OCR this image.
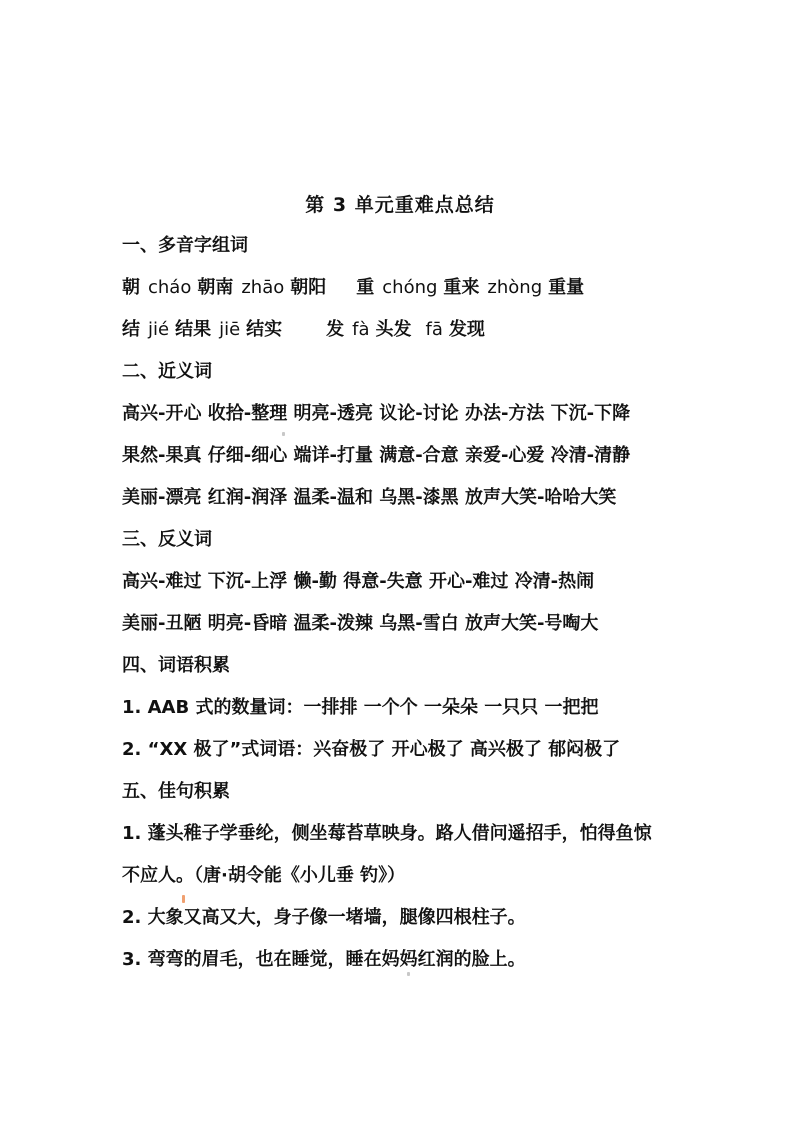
第 3 单元重难点总结
一、多音字组词
朝 cháo 朝南 zhāo 朝阳 重 chóng 重来 zhòng 重量
结 jié 结果 jiē 结实 发 fà 头发 fā 发现
二、近义词
高兴-开心 收拾-整理 明亮-透亮 议论-讨论 办法-方法 下沉-下降
果然-果真 仔细-细心 端详-打量 满意-合意 亲爱-心爱 冷清-清静
美丽-漂亮 红润-润泽 温柔-温和 乌黑-漆黑 放声大笑-哈哈大笑
三、反义词
高兴-难过 下沉-上浮 懒-勤 得意-失意 开心-难过 冷清-热闹
美丽-丑陋 明亮-昏暗 温柔-泼辣 乌黑-雪白 放声大笑-号啕大
四、词语积累
1. AAB 式的数量词：一排排 一个个 一朵朵 一只只 一把把
2. “XX 极了”式词语：兴奋极了 开心极了 高兴极了 郁闷极了
五、佳句积累
1. 蓬头稚子学垂纶，侧坐莓苔草映身。路人借问遥招手，怕得鱼惊
不应人。（唐·胡令能《小儿垂 钓》）
2. 大象又高又大，身子像一堵墙，腿像四根柱子。
3. 弯弯的眉毛，也在睡觉，睡在妈妈红润的脸上。
